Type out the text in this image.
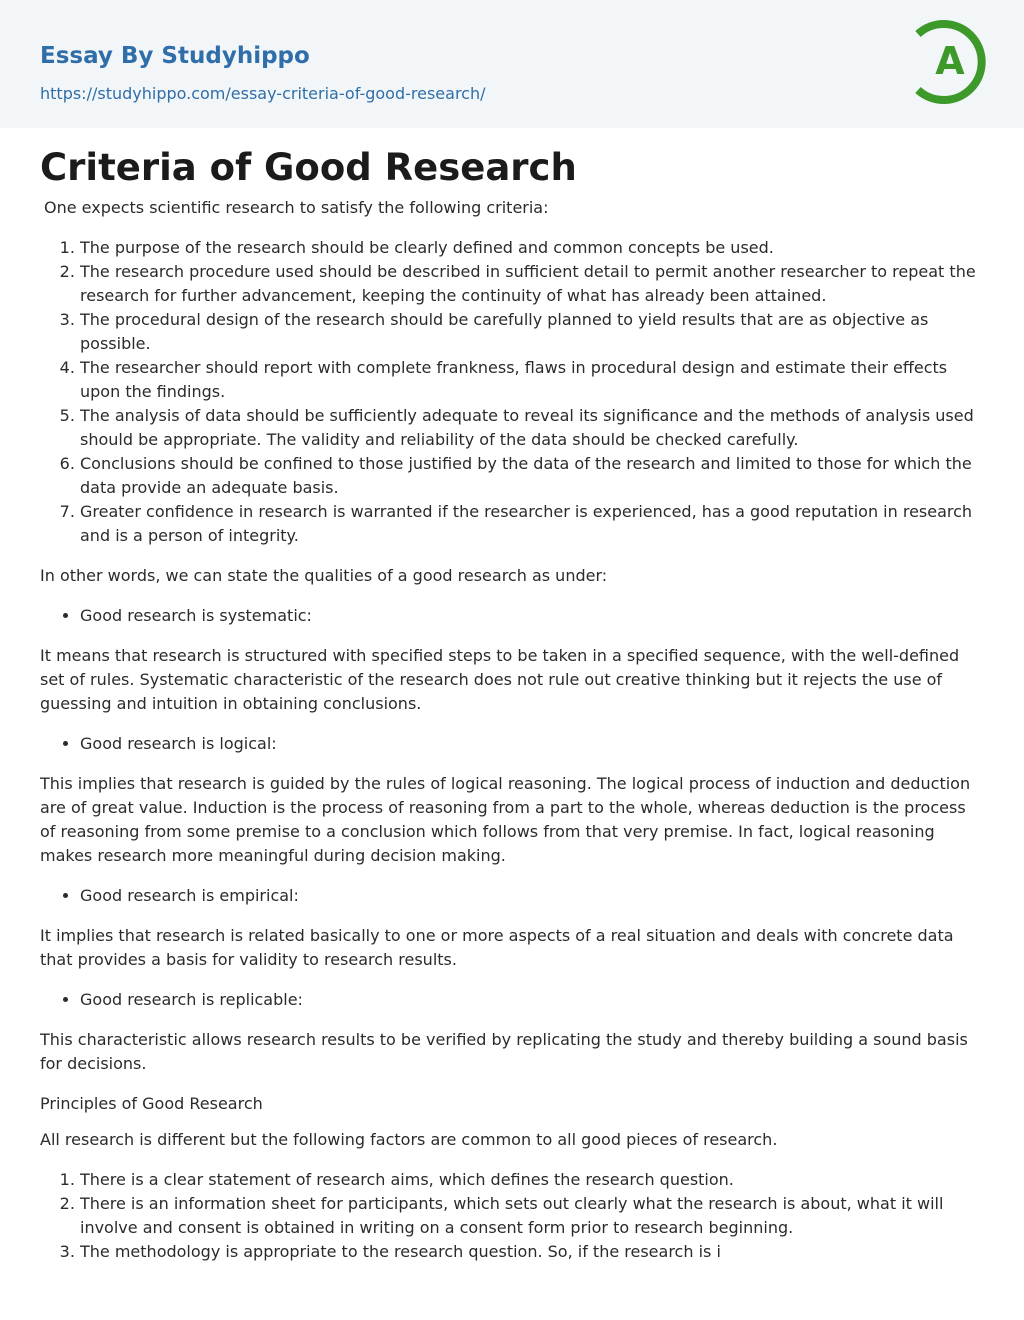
Essay By Studyhippo
https://studyhippo.com/essay-criteria-of-good-research/
A
Criteria of Good Research

One expects scientific research to satisfy the following criteria:

1. The purpose of the research should be clearly defined and common concepts be used.
2. The research procedure used should be described in sufficient detail to permit another researcher to repeat the research for further advancement, keeping the continuity of what has already been attained.
3. The procedural design of the research should be carefully planned to yield results that are as objective as possible.
4. The researcher should report with complete frankness, flaws in procedural design and estimate their effects upon the findings.
5. The analysis of data should be sufficiently adequate to reveal its significance and the methods of analysis used should be appropriate. The validity and reliability of the data should be checked carefully.
6. Conclusions should be confined to those justified by the data of the research and limited to those for which the data provide an adequate basis.
7. Greater confidence in research is warranted if the researcher is experienced, has a good reputation in research and is a person of integrity.

In other words, we can state the qualities of a good research as under:

• Good research is systematic:

It means that research is structured with specified steps to be taken in a specified sequence, with the well-defined set of rules. Systematic characteristic of the research does not rule out creative thinking but it rejects the use of guessing and intuition in obtaining conclusions.

• Good research is logical:

This implies that research is guided by the rules of logical reasoning. The logical process of induction and deduction are of great value. Induction is the process of reasoning from a part to the whole, whereas deduction is the process of reasoning from some premise to a conclusion which follows from that very premise. In fact, logical reasoning makes research more meaningful during decision making.

• Good research is empirical:

It implies that research is related basically to one or more aspects of a real situation and deals with concrete data that provides a basis for validity to research results.

• Good research is replicable:

This characteristic allows research results to be verified by replicating the study and thereby building a sound basis for decisions.

Principles of Good Research

All research is different but the following factors are common to all good pieces of research.

1. There is a clear statement of research aims, which defines the research question.
2. There is an information sheet for participants, which sets out clearly what the research is about, what it will involve and consent is obtained in writing on a consent form prior to research beginning.
3. The methodology is appropriate to the research question. So, if the research is i
